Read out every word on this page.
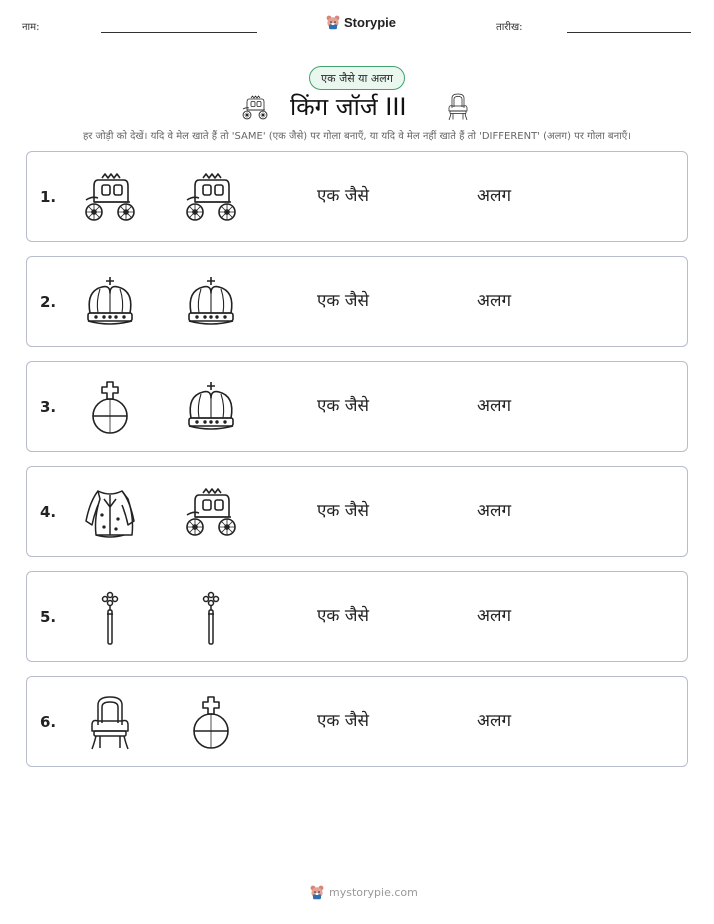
नाम:	Storypie	तारीख:
एक जैसे या अलग
किंग जॉर्ज III
हर जोड़ी को देखें। यदि वे मेल खाते हैं तो 'SAME' (एक जैसे) पर गोला बनाएँ, या यदि वे मेल नहीं खाते हैं तो 'DIFFERENT' (अलग) पर गोला बनाएँ।
1.	एक जैसे	अलग
2.	एक जैसे	अलग
3.	एक जैसे	अलग
4.	एक जैसे	अलग
5.	एक जैसे	अलग
6.	एक जैसे	अलग
mystorypie.com
